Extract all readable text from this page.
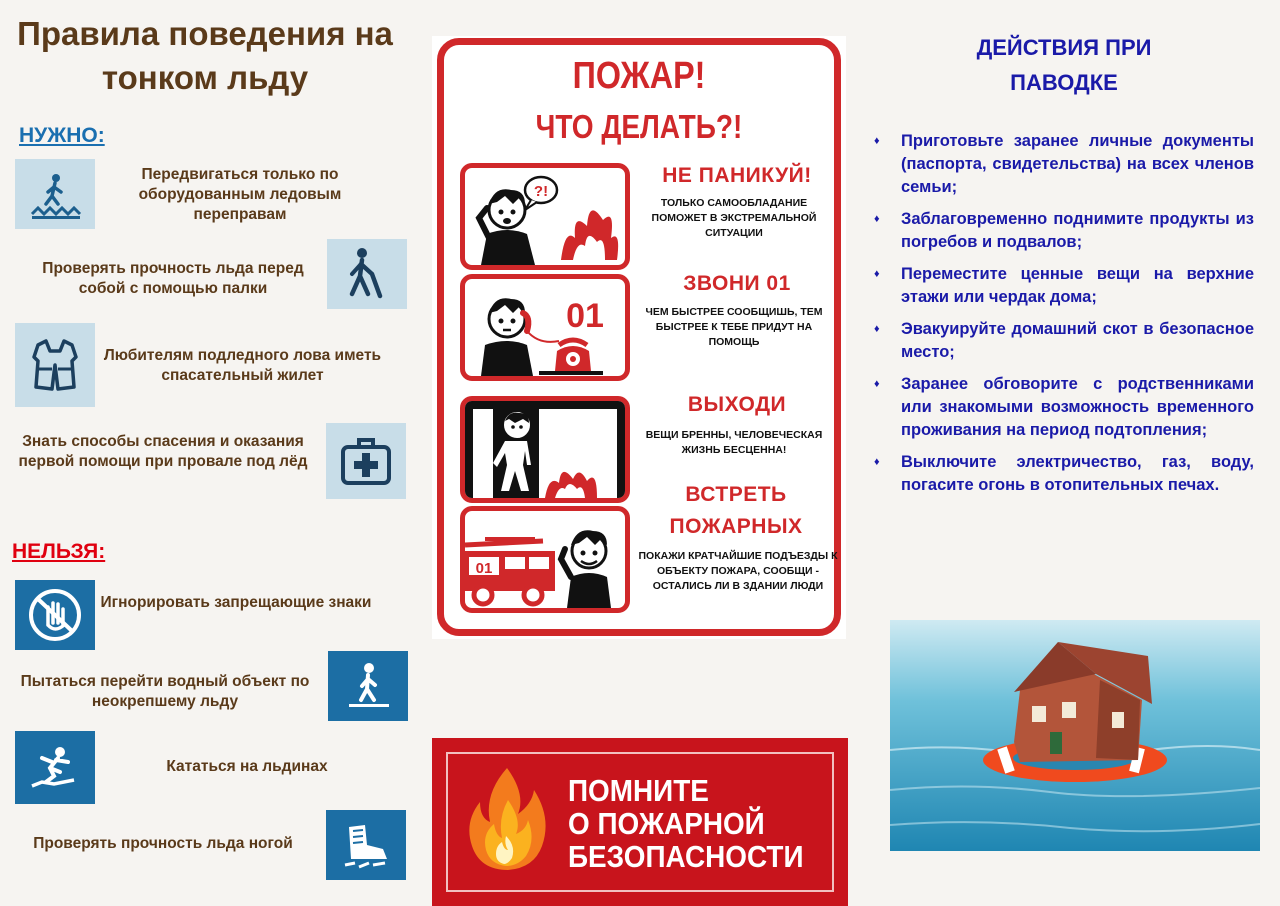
Правила поведения на тонком льду
НУЖНО:
Передвигаться только по оборудованным ледовым переправам
Проверять прочность льда перед собой с помощью палки
Любителям подледного лова иметь спасательный жилет
Знать способы спасения и оказания первой помощи при провале под лёд
НЕЛЬЗЯ:
Игнорировать запрещающие знаки
Пытаться перейти водный объект по неокрепшему льду
Кататься на льдинах
Проверять прочность льда ногой
ПОЖАР!
ЧТО ДЕЛАТЬ?!
?!
НЕ ПАНИКУЙ!
ТОЛЬКО САМООБЛАДАНИЕ ПОМОЖЕТ В ЭКСТРЕМАЛЬНОЙ СИТУАЦИИ
01
ЗВОНИ 01
ЧЕМ БЫСТРЕЕ СООБЩИШЬ, ТЕМ БЫСТРЕЕ К ТЕБЕ ПРИДУТ НА ПОМОЩЬ
ВЫХОДИ
ВЕЩИ БРЕННЫ, ЧЕЛОВЕЧЕСКАЯ ЖИЗНЬ БЕСЦЕННА!
01
ВСТРЕТЬ ПОЖАРНЫХ
ПОКАЖИ КРАТЧАЙШИЕ ПОДЪЕЗДЫ К ОБЪЕКТУ ПОЖАРА, СООБЩИ - ОСТАЛИСЬ ЛИ В ЗДАНИИ ЛЮДИ
ПОМНИТЕ
О ПОЖАРНОЙ
БЕЗОПАСНОСТИ
ДЕЙСТВИЯ ПРИ
ПАВОДКЕ
♦ Приготовьте заранее личные документы (паспорта, свидетельства) на всех членов семьи;
♦ Заблаговременно поднимите продукты из погребов и подвалов;
♦ Переместите ценные вещи на верхние этажи или чердак дома;
♦ Эвакуируйте домашний скот в безопасное место;
♦ Заранее обговорите с родственниками или знакомыми возможность временного проживания на период подтопления;
♦ Выключите электричество, газ, воду, погасите огонь в отопительных печах.
